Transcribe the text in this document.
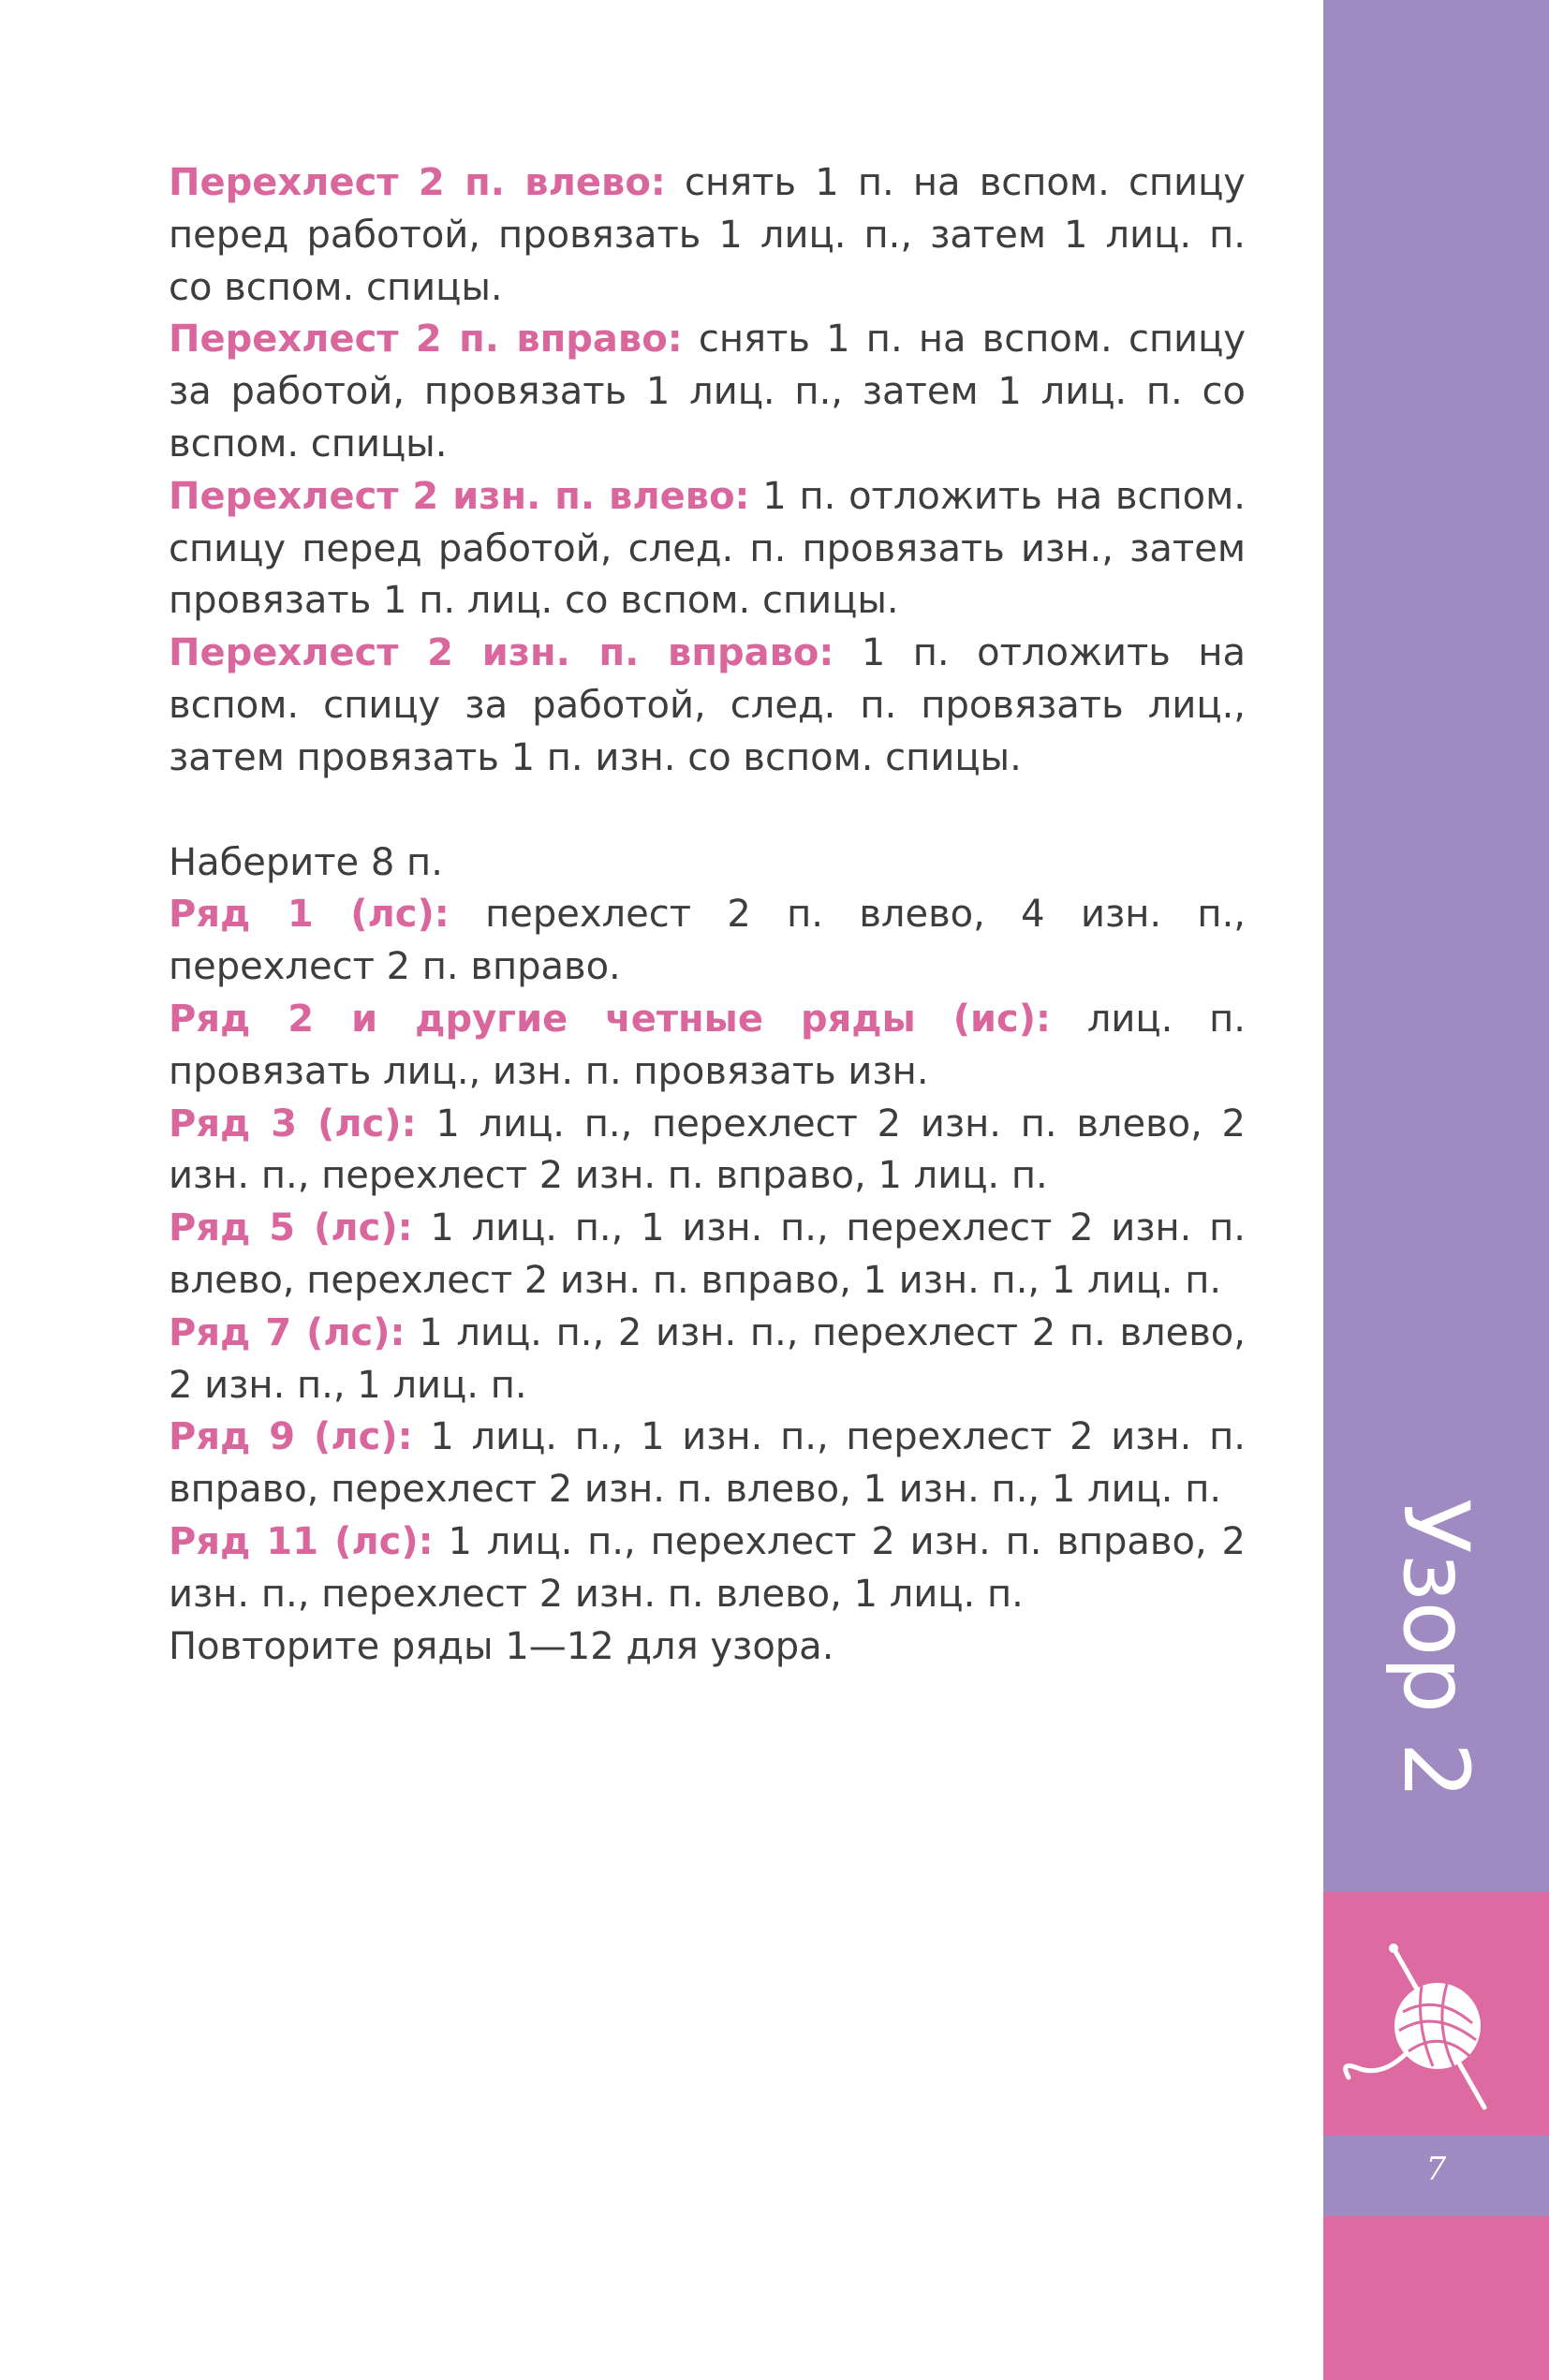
Перехлест 2 п. влево: снять 1 п. на вспом. спицу перед работой, провязать 1 лиц. п., затем 1 лиц. п. со вспом. спицы.

Перехлест 2 п. вправо: снять 1 п. на вспом. спицу за работой, провязать 1 лиц. п., затем 1 лиц. п. со вспом. спицы.

Перехлест 2 изн. п. влево: 1 п. отложить на вспом. спицу перед работой, след. п. провязать изн., затем провязать 1 п. лиц. со вспом. спицы.

Перехлест 2 изн. п. вправо: 1 п. отложить на вспом. спицу за работой, след. п. провязать лиц., затем провязать 1 п. изн. со вспом. спицы.

Наберите 8 п.

Ряд 1 (лс): перехлест 2 п. влево, 4 изн. п., перехлест 2 п. вправо.

Ряд 2 и другие четные ряды (ис): лиц. п. провязать лиц., изн. п. провязать изн.

Ряд 3 (лс): 1 лиц. п., перехлест 2 изн. п. влево, 2 изн. п., перехлест 2 изн. п. вправо, 1 лиц. п.

Ряд 5 (лс): 1 лиц. п., 1 изн. п., перехлест 2 изн. п. влево, перехлест 2 изн. п. вправо, 1 изн. п., 1 лиц. п.

Ряд 7 (лс): 1 лиц. п., 2 изн. п., перехлест 2 п. влево, 2 изн. п., 1 лиц. п.

Ряд 9 (лс): 1 лиц. п., 1 изн. п., перехлест 2 изн. п. вправо, перехлест 2 изн. п. влево, 1 изн. п., 1 лиц. п.

Ряд 11 (лс): 1 лиц. п., перехлест 2 изн. п. вправо, 2 изн. п., перехлест 2 изн. п. влево, 1 лиц. п.

Повторите ряды 1—12 для узора.	Узор 2
7
